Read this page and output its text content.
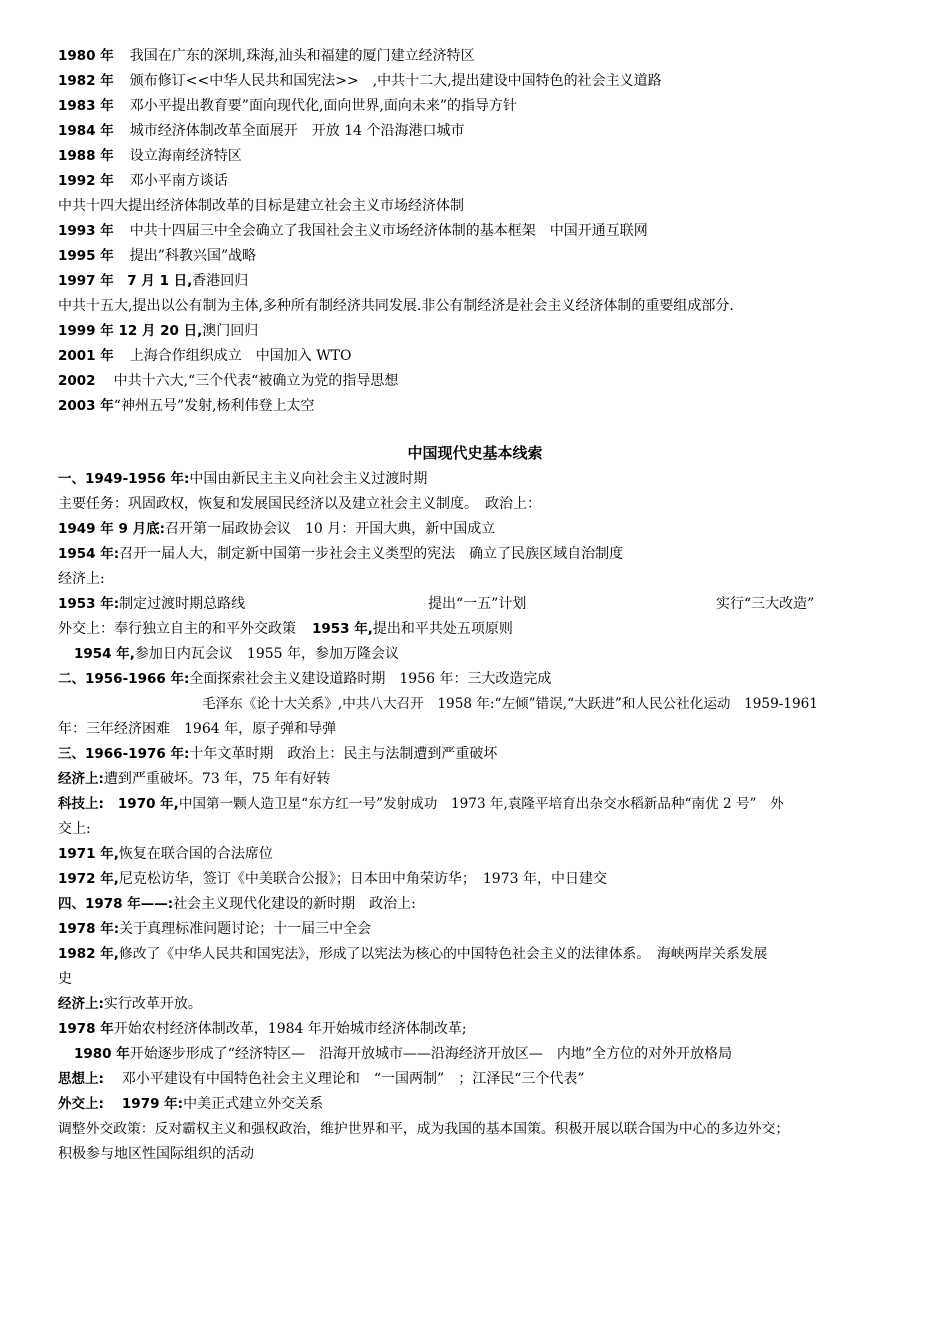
1980 年 我国在广东的深圳,珠海,汕头和福建的厦门建立经济特区
1982 年 颁布修订<<中华人民共和国宪法>>　,中共十二大,提出建设中国特色的社会主义道路
1983 年 邓小平提出教育要”面向现代化,面向世界,面向未来”的指导方针
1984 年 城市经济体制改革全面展开　开放 14 个沿海港口城市
1988 年 设立海南经济特区
1992 年 邓小平南方谈话
中共十四大提出经济体制改革的目标是建立社会主义市场经济体制
1993 年 中共十四届三中全会确立了我国社会主义市场经济体制的基本框架　中国开通互联网
1995 年 提出”科教兴国”战略
1997 年　7 月 1 日,香港回归
中共十五大,提出以公有制为主体,多种所有制经济共同发展.非公有制经济是社会主义经济体制的重要组成部分.
1999 年 12 月 20 日,澳门回归
2001 年 上海合作组织成立　中国加入 WTO
2002 中共十六大,“三个代表“被确立为党的指导思想
2003 年“神州五号”发射,杨利伟登上太空
中国现代史基本线索
一、1949-1956 年:中国由新民主主义向社会主义过渡时期
主要任务：巩固政权，恢复和发展国民经济以及建立社会主义制度。　政治上：
1949 年 9 月底:召开第一届政协会议　10 月：开国大典，新中国成立
1954 年:召开一届人大，制定新中国第一步社会主义类型的宪法　确立了民族区域自治制度
经济上:
1953 年:制定过渡时期总路线	提出“一五”计划	实行“三大改造”
外交上：奉行独立自主的和平外交政策 1953 年,提出和平共处五项原则
1954 年,参加日内瓦会议　1955 年，参加万隆会议
二、1956-1966 年:全面探索社会主义建设道路时期　1956 年：三大改造完成
毛泽东《论十大关系》,中共八大召开　1958 年:“左倾”错误,“大跃进”和人民公社化运动　1959-1961
年：三年经济困难　1964 年，原子弹和导弹
三、1966-1976 年:十年文革时期　政治上：民主与法制遭到严重破坏
经济上:遭到严重破坏。73 年，75 年有好转
科技上: 1970 年,中国第一颗人造卫星“东方红一号”发射成功　1973 年,袁隆平培育出杂交水稻新品种“南优 2 号”　外
交上:
1971 年,恢复在联合国的合法席位
1972 年,尼克松访华，签订《中美联合公报》；日本田中角荣访华；　1973 年，中日建交
四、1978 年——:社会主义现代化建设的新时期　政治上:
1978 年:关于真理标准问题讨论；十一届三中全会
1982 年,修改了《中华人民共和国宪法》，形成了以宪法为核心的中国特色社会主义的法律体系。　海峡两岸关系发展
史
经济上:实行改革开放。
1978 年开始农村经济体制改革，1984 年开始城市经济体制改革;
1980 年开始逐步形成了“经济特区—　沿海开放城市——沿海经济开放区—　内地”全方位的对外开放格局
思想上: 邓小平建设有中国特色社会主义理论和　“一国两制”　；江泽民“三个代表”
外交上: 1979 年:中美正式建立外交关系
调整外交政策：反对霸权主义和强权政治，维护世界和平，成为我国的基本国策。积极开展以联合国为中心的多边外交；
积极参与地区性国际组织的活动
